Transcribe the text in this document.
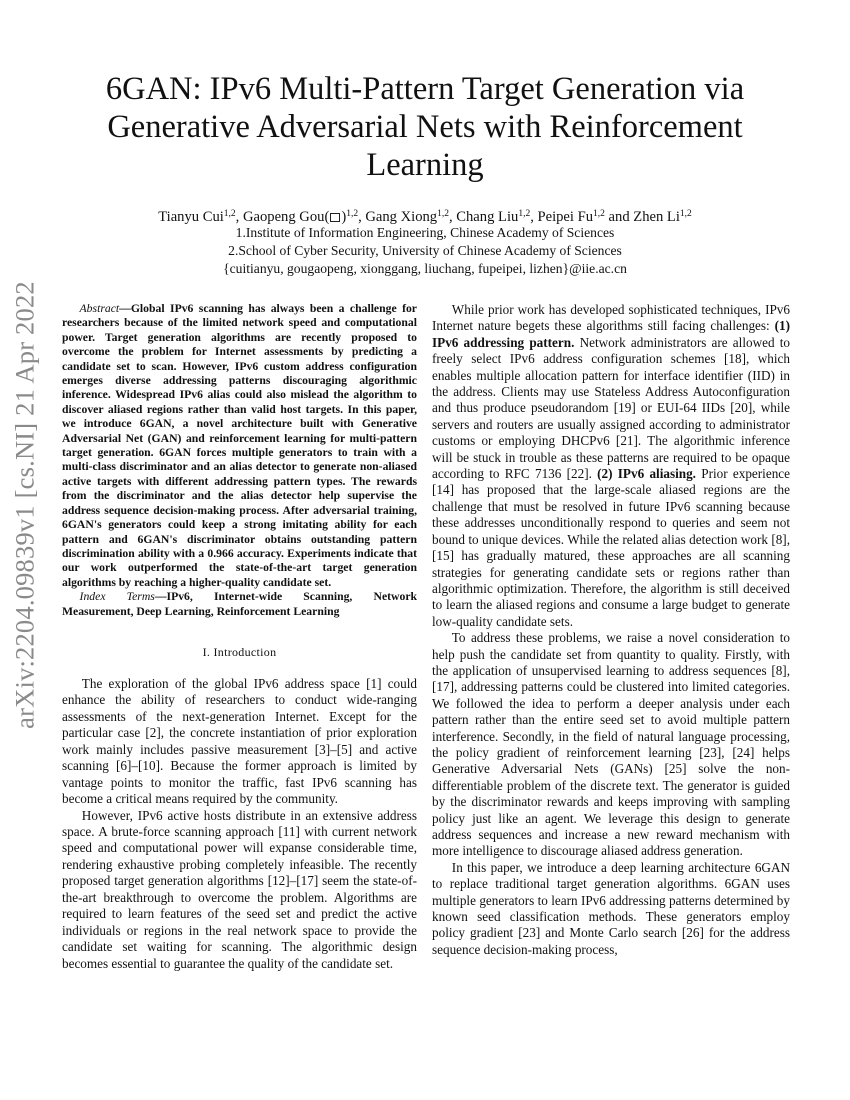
arXiv:2204.09839v1 [cs.NI] 21 Apr 2022
6GAN: IPv6 Multi-Pattern Target Generation via
Generative Adversarial Nets with Reinforcement
Learning
Tianyu Cui$^{1,2}$, Gaopeng Gou( )$^{1,2}$, Gang Xiong$^{1,2}$, Chang Liu$^{1,2}$, Peipei Fu$^{1,2}$ and Zhen Li$^{1,2}$
1.Institute of Information Engineering, Chinese Academy of Sciences
2.School of Cyber Security, University of Chinese Academy of Sciences
{cuitianyu, gougaopeng, xionggang, liuchang, fupeipei, lizhen}@iie.ac.cn

Abstract—Global IPv6 scanning has always been a challenge for researchers because of the limited network speed and computational power. Target generation algorithms are recently proposed to overcome the problem for Internet assessments by predicting a candidate set to scan. However, IPv6 custom address configuration emerges diverse addressing patterns discouraging algorithmic inference. Widespread IPv6 alias could also mislead the algorithm to discover aliased regions rather than valid host targets. In this paper, we introduce 6GAN, a novel architecture built with Generative Adversarial Net (GAN) and reinforcement learning for multi-pattern target generation. 6GAN forces multiple generators to train with a multi-class discriminator and an alias detector to generate non-aliased active targets with different addressing pattern types. The rewards from the discriminator and the alias detector help supervise the address sequence decision-making process. After adversarial training, 6GAN's generators could keep a strong imitating ability for each pattern and 6GAN's discriminator obtains outstanding pattern discrimination ability with a 0.966 accuracy. Experiments indicate that our work outperformed the state-of-the-art target generation algorithms by reaching a higher-quality candidate set.

Index Terms—IPv6, Internet-wide Scanning, Network Measurement, Deep Learning, Reinforcement Learning

I. Introduction

The exploration of the global IPv6 address space [1] could enhance the ability of researchers to conduct wide-ranging assessments of the next-generation Internet. Except for the particular case [2], the concrete instantiation of prior exploration work mainly includes passive measurement [3]–[5] and active scanning [6]–[10]. Because the former approach is limited by vantage points to monitor the traffic, fast IPv6 scanning has become a critical means required by the community.

However, IPv6 active hosts distribute in an extensive address space. A brute-force scanning approach [11] with current network speed and computational power will expanse considerable time, rendering exhaustive probing completely infeasible. The recently proposed target generation algorithms [12]–[17] seem the state-of-the-art breakthrough to overcome the problem. Algorithms are required to learn features of the seed set and predict the active individuals or regions in the real network space to provide the candidate set waiting for scanning. The algorithmic design becomes essential to guarantee the quality of the candidate set.

While prior work has developed sophisticated techniques, IPv6 Internet nature begets these algorithms still facing challenges: (1) IPv6 addressing pattern. Network administrators are allowed to freely select IPv6 address configuration schemes [18], which enables multiple allocation pattern for interface identifier (IID) in the address. Clients may use Stateless Address Autoconfiguration and thus produce pseudorandom [19] or EUI-64 IIDs [20], while servers and routers are usually assigned according to administrator customs or employing DHCPv6 [21]. The algorithmic inference will be stuck in trouble as these patterns are required to be opaque according to RFC 7136 [22]. (2) IPv6 aliasing. Prior experience [14] has proposed that the large-scale aliased regions are the challenge that must be resolved in future IPv6 scanning because these addresses unconditionally respond to queries and seem not bound to unique devices. While the related alias detection work [8], [15] has gradually matured, these approaches are all scanning strategies for generating candidate sets or regions rather than algorithmic optimization. Therefore, the algorithm is still deceived to learn the aliased regions and consume a large budget to generate low-quality candidate sets.

To address these problems, we raise a novel consideration to help push the candidate set from quantity to quality. Firstly, with the application of unsupervised learning to address sequences [8], [17], addressing patterns could be clustered into limited categories. We followed the idea to perform a deeper analysis under each pattern rather than the entire seed set to avoid multiple pattern interference. Secondly, in the field of natural language processing, the policy gradient of reinforcement learning [23], [24] helps Generative Adversarial Nets (GANs) [25] solve the non-differentiable problem of the discrete text. The generator is guided by the discriminator rewards and keeps improving with sampling policy just like an agent. We leverage this design to generate address sequences and increase a new reward mechanism with more intelligence to discourage aliased address generation.

In this paper, we introduce a deep learning architecture 6GAN to replace traditional target generation algorithms. 6GAN uses multiple generators to learn IPv6 addressing patterns determined by known seed classification methods. These generators employ policy gradient [23] and Monte Carlo search [26] for the address sequence decision-making process,
